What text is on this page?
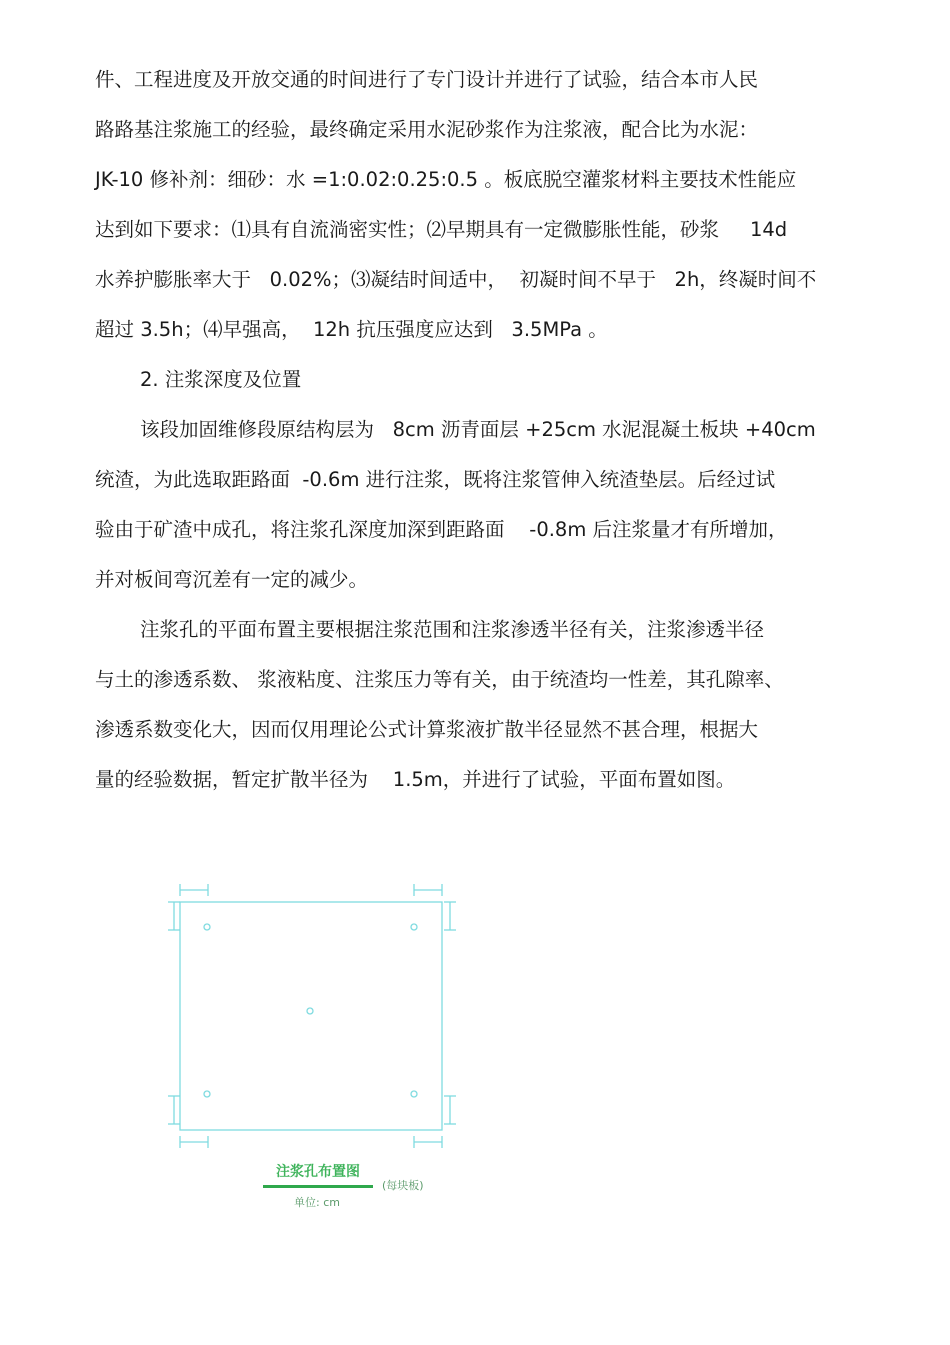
件、工程进度及开放交通的时间进行了专门设计并进行了试验，结合本市人民
路路基注浆施工的经验，最终确定采用水泥砂浆作为注浆液，配合比为水泥：
JK-10 修补剂：细砂：水 =1:0.02:0.25:0.5 。板底脱空灌浆材料主要技术性能应
达到如下要求：⑴具有自流淌密实性；⑵早期具有一定微膨胀性能，砂浆     14d
水养护膨胀率大于   0.02%；⑶凝结时间适中，  初凝时间不早于   2h，终凝时间不
超过 3.5h；⑷早强高，  12h 抗压强度应达到   3.5MPa 。
2. 注浆深度及位置
该段加固维修段原结构层为   8cm 沥青面层 +25cm 水泥混凝土板块 +40cm
统渣，为此选取距路面  -0.6m 进行注浆，既将注浆管伸入统渣垫层。后经过试
验由于矿渣中成孔，将注浆孔深度加深到距路面    -0.8m 后注浆量才有所增加，
并对板间弯沉差有一定的减少。
注浆孔的平面布置主要根据注浆范围和注浆渗透半径有关，注浆渗透半径
与土的渗透系数、 浆液粘度、注浆压力等有关，由于统渣均一性差，其孔隙率、
渗透系数变化大，因而仅用理论公式计算浆液扩散半径显然不甚合理，根据大
量的经验数据，暂定扩散半径为    1.5m，并进行了试验，平面布置如图。
注浆孔布置图
(每块板)
单位: cm
